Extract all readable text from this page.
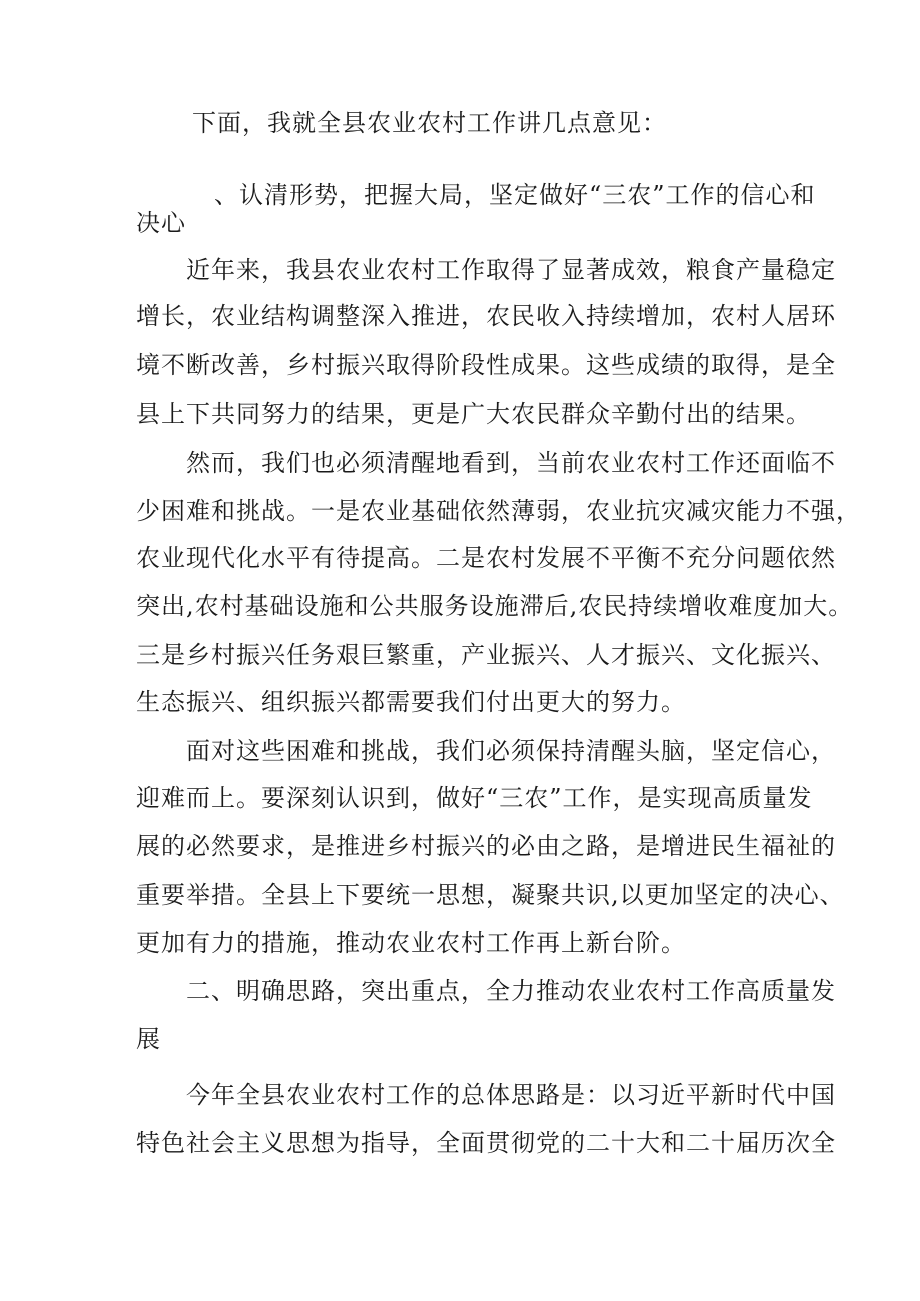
下面，我就全县农业农村工作讲几点意见：
、认清形势，把握大局，坚定做好“三农”工作的信心和
决心
近年来，我县农业农村工作取得了显著成效，粮食产量稳定
增长，农业结构调整深入推进，农民收入持续增加，农村人居环
境不断改善，乡村振兴取得阶段性成果。这些成绩的取得，是全
县上下共同努力的结果，更是广大农民群众辛勤付出的结果。
然而，我们也必须清醒地看到，当前农业农村工作还面临不
少困难和挑战。一是农业基础依然薄弱，农业抗灾减灾能力不强，
农业现代化水平有待提高。二是农村发展不平衡不充分问题依然
突出,农村基础设施和公共服务设施滞后,农民持续增收难度加大。
三是乡村振兴任务艰巨繁重，产业振兴、人才振兴、文化振兴、
生态振兴、组织振兴都需要我们付出更大的努力。
面对这些困难和挑战，我们必须保持清醒头脑，坚定信心，
迎难而上。要深刻认识到，做好“三农”工作，是实现高质量发
展的必然要求，是推进乡村振兴的必由之路，是增进民生福祉的
重要举措。全县上下要统一思想，凝聚共识,以更加坚定的决心、
更加有力的措施，推动农业农村工作再上新台阶。
二、明确思路，突出重点，全力推动农业农村工作高质量发
展
今年全县农业农村工作的总体思路是：以习近平新时代中国
特色社会主义思想为指导，全面贯彻党的二十大和二十届历次全
